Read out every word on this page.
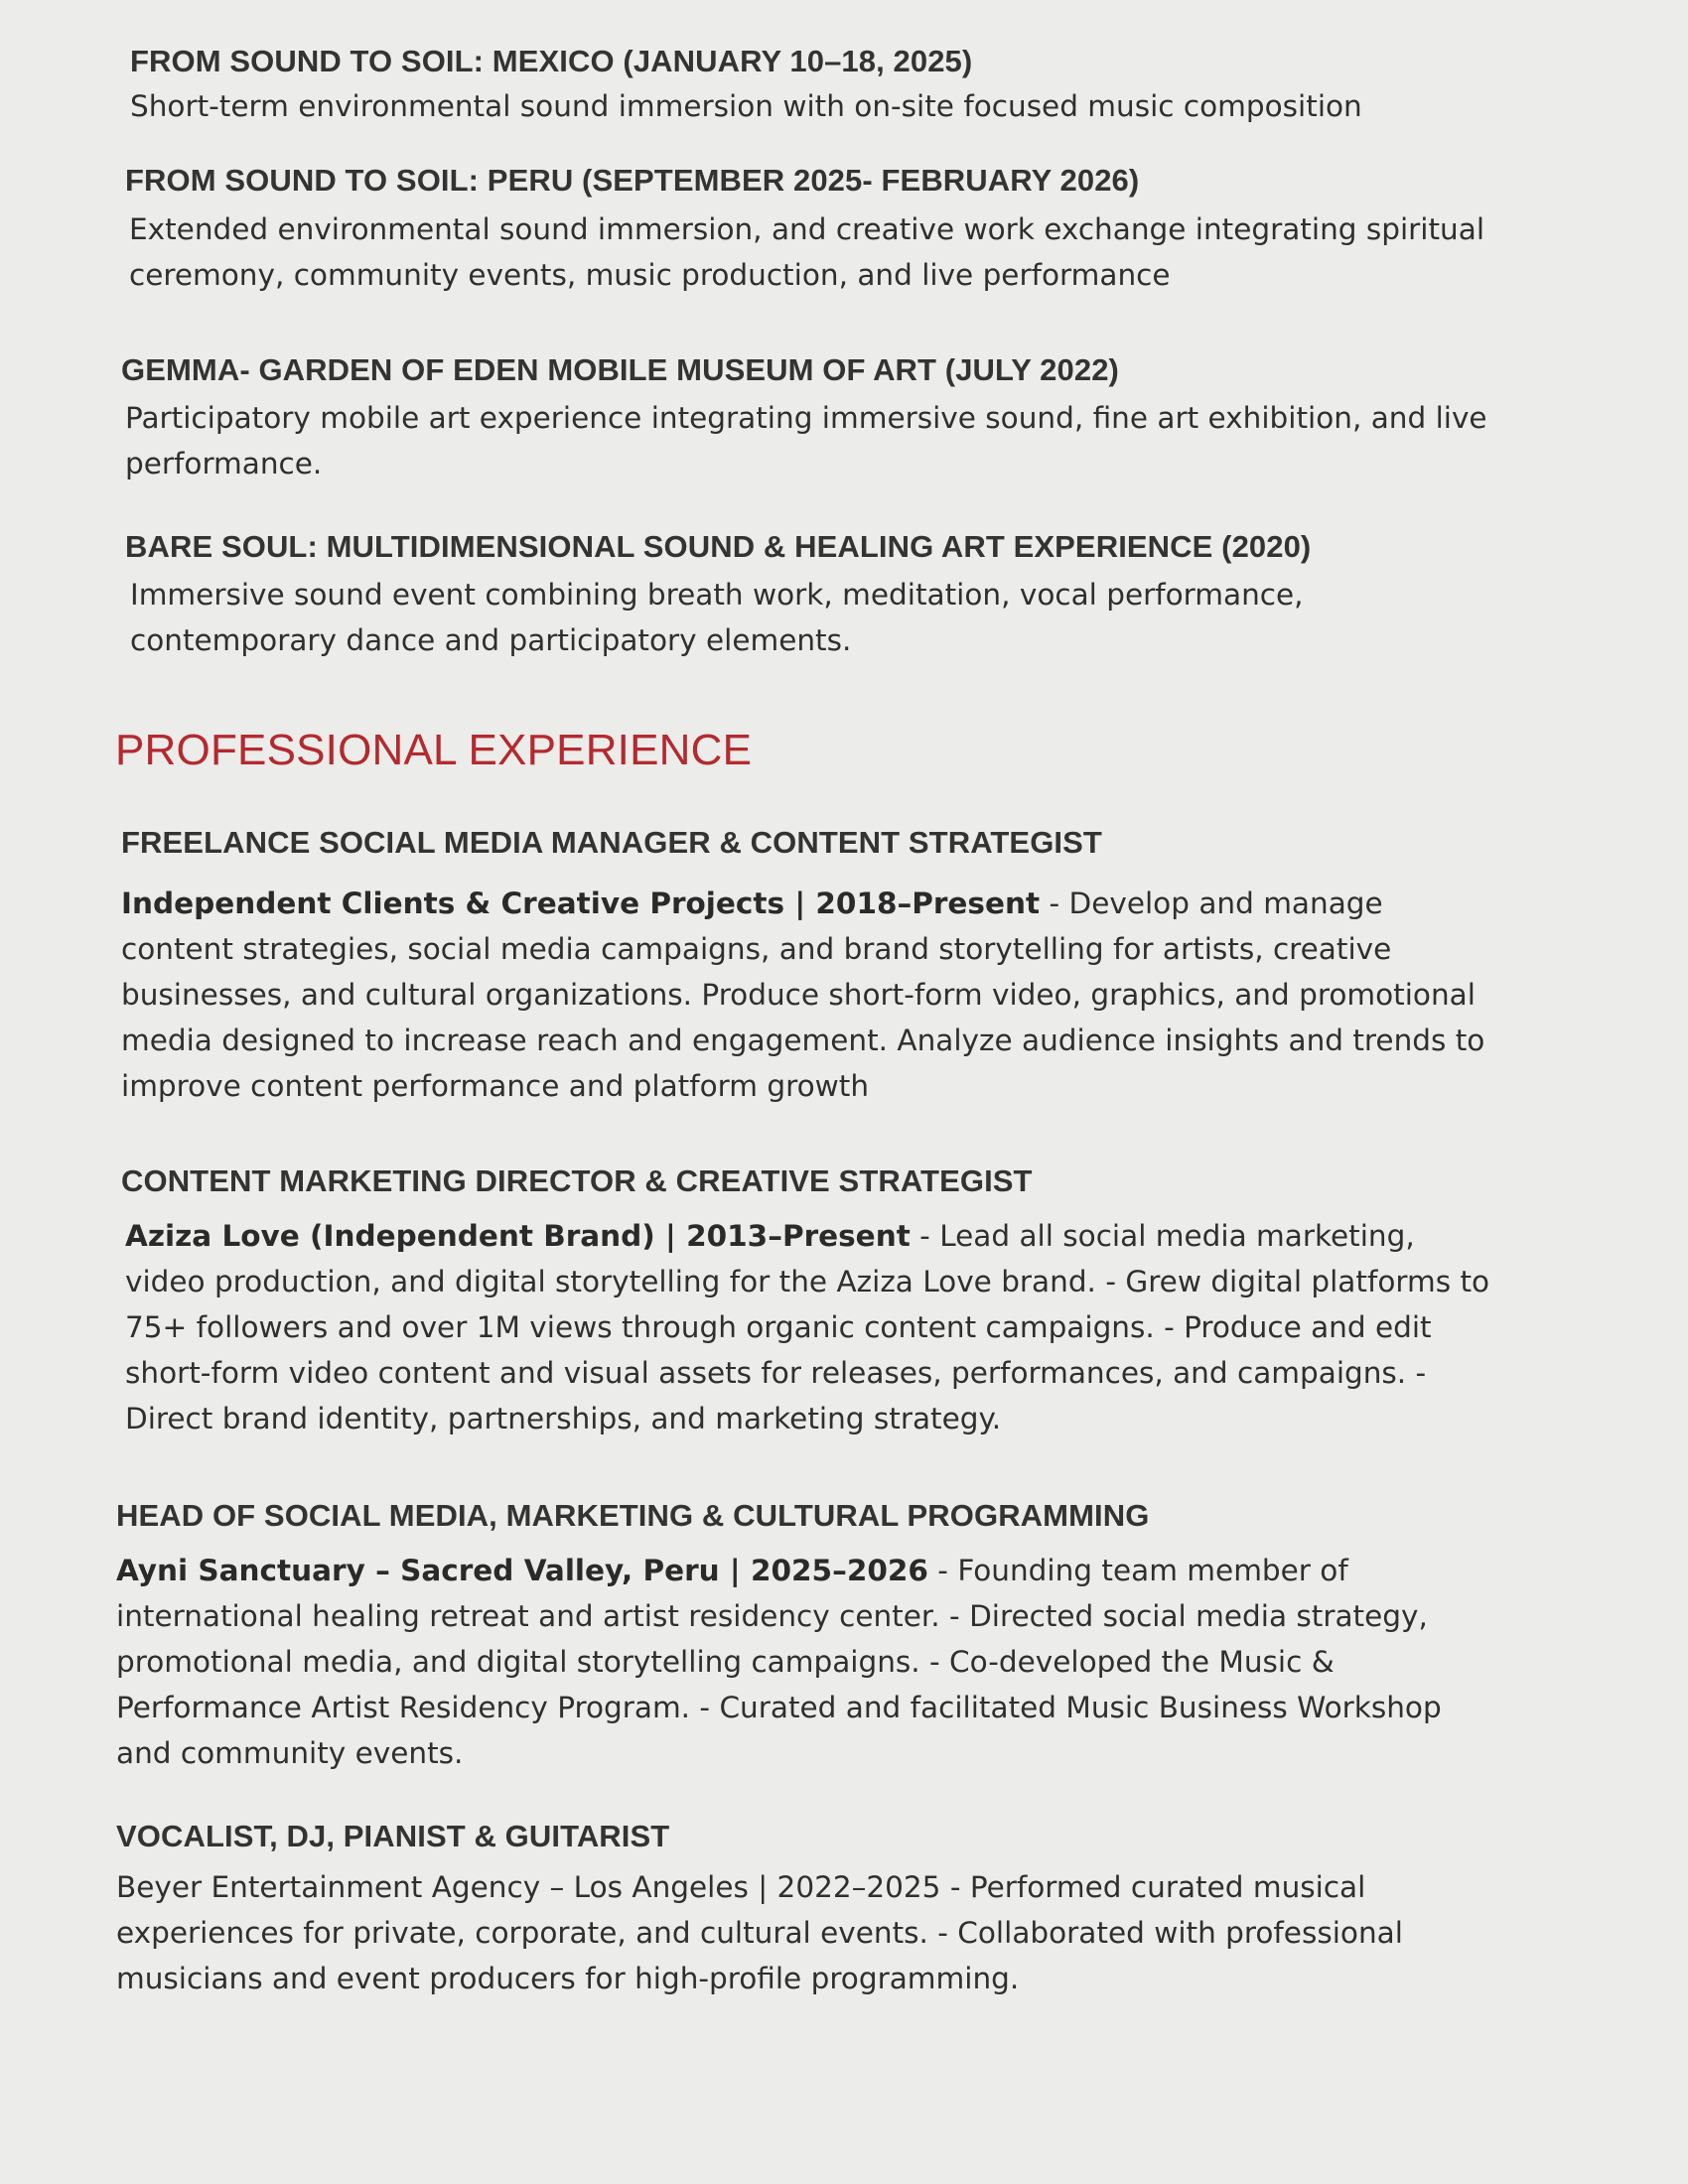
FROM SOUND TO SOIL: MEXICO (JANUARY 10–18, 2025)

Short-term environmental sound immersion with on-site focused music composition

FROM SOUND TO SOIL: PERU (SEPTEMBER 2025- FEBRUARY 2026)

Extended environmental sound immersion, and creative work exchange integrating spiritual ceremony, community events, music production, and live performance

GEMMA- GARDEN OF EDEN MOBILE MUSEUM OF ART (JULY 2022)

Participatory mobile art experience integrating immersive sound, fine art exhibition, and live performance.

BARE SOUL: MULTIDIMENSIONAL SOUND & HEALING ART EXPERIENCE (2020)

Immersive sound event combining breath work, meditation, vocal performance, contemporary dance and participatory elements.

PROFESSIONAL EXPERIENCE
FREELANCE SOCIAL MEDIA MANAGER & CONTENT STRATEGIST

Independent Clients & Creative Projects | 2018–Present - Develop and manage content strategies, social media campaigns, and brand storytelling for artists, creative businesses, and cultural organizations. Produce short-form video, graphics, and promotional media designed to increase reach and engagement. Analyze audience insights and trends to improve content performance and platform growth

CONTENT MARKETING DIRECTOR & CREATIVE STRATEGIST

Aziza Love (Independent Brand) | 2013–Present - Lead all social media marketing, video production, and digital storytelling for the Aziza Love brand. - Grew digital platforms to 75+ followers and over 1M views through organic content campaigns. - Produce and edit short-form video content and visual assets for releases, performances, and campaigns. - Direct brand identity, partnerships, and marketing strategy.

HEAD OF SOCIAL MEDIA, MARKETING & CULTURAL PROGRAMMING

Ayni Sanctuary – Sacred Valley, Peru | 2025–2026 - Founding team member of international healing retreat and artist residency center. - Directed social media strategy, promotional media, and digital storytelling campaigns. - Co-developed the Music & Performance Artist Residency Program. - Curated and facilitated Music Business Workshop and community events.

VOCALIST, DJ, PIANIST & GUITARIST

Beyer Entertainment Agency – Los Angeles | 2022–2025 - Performed curated musical experiences for private, corporate, and cultural events. - Collaborated with professional musicians and event producers for high-profile programming.
